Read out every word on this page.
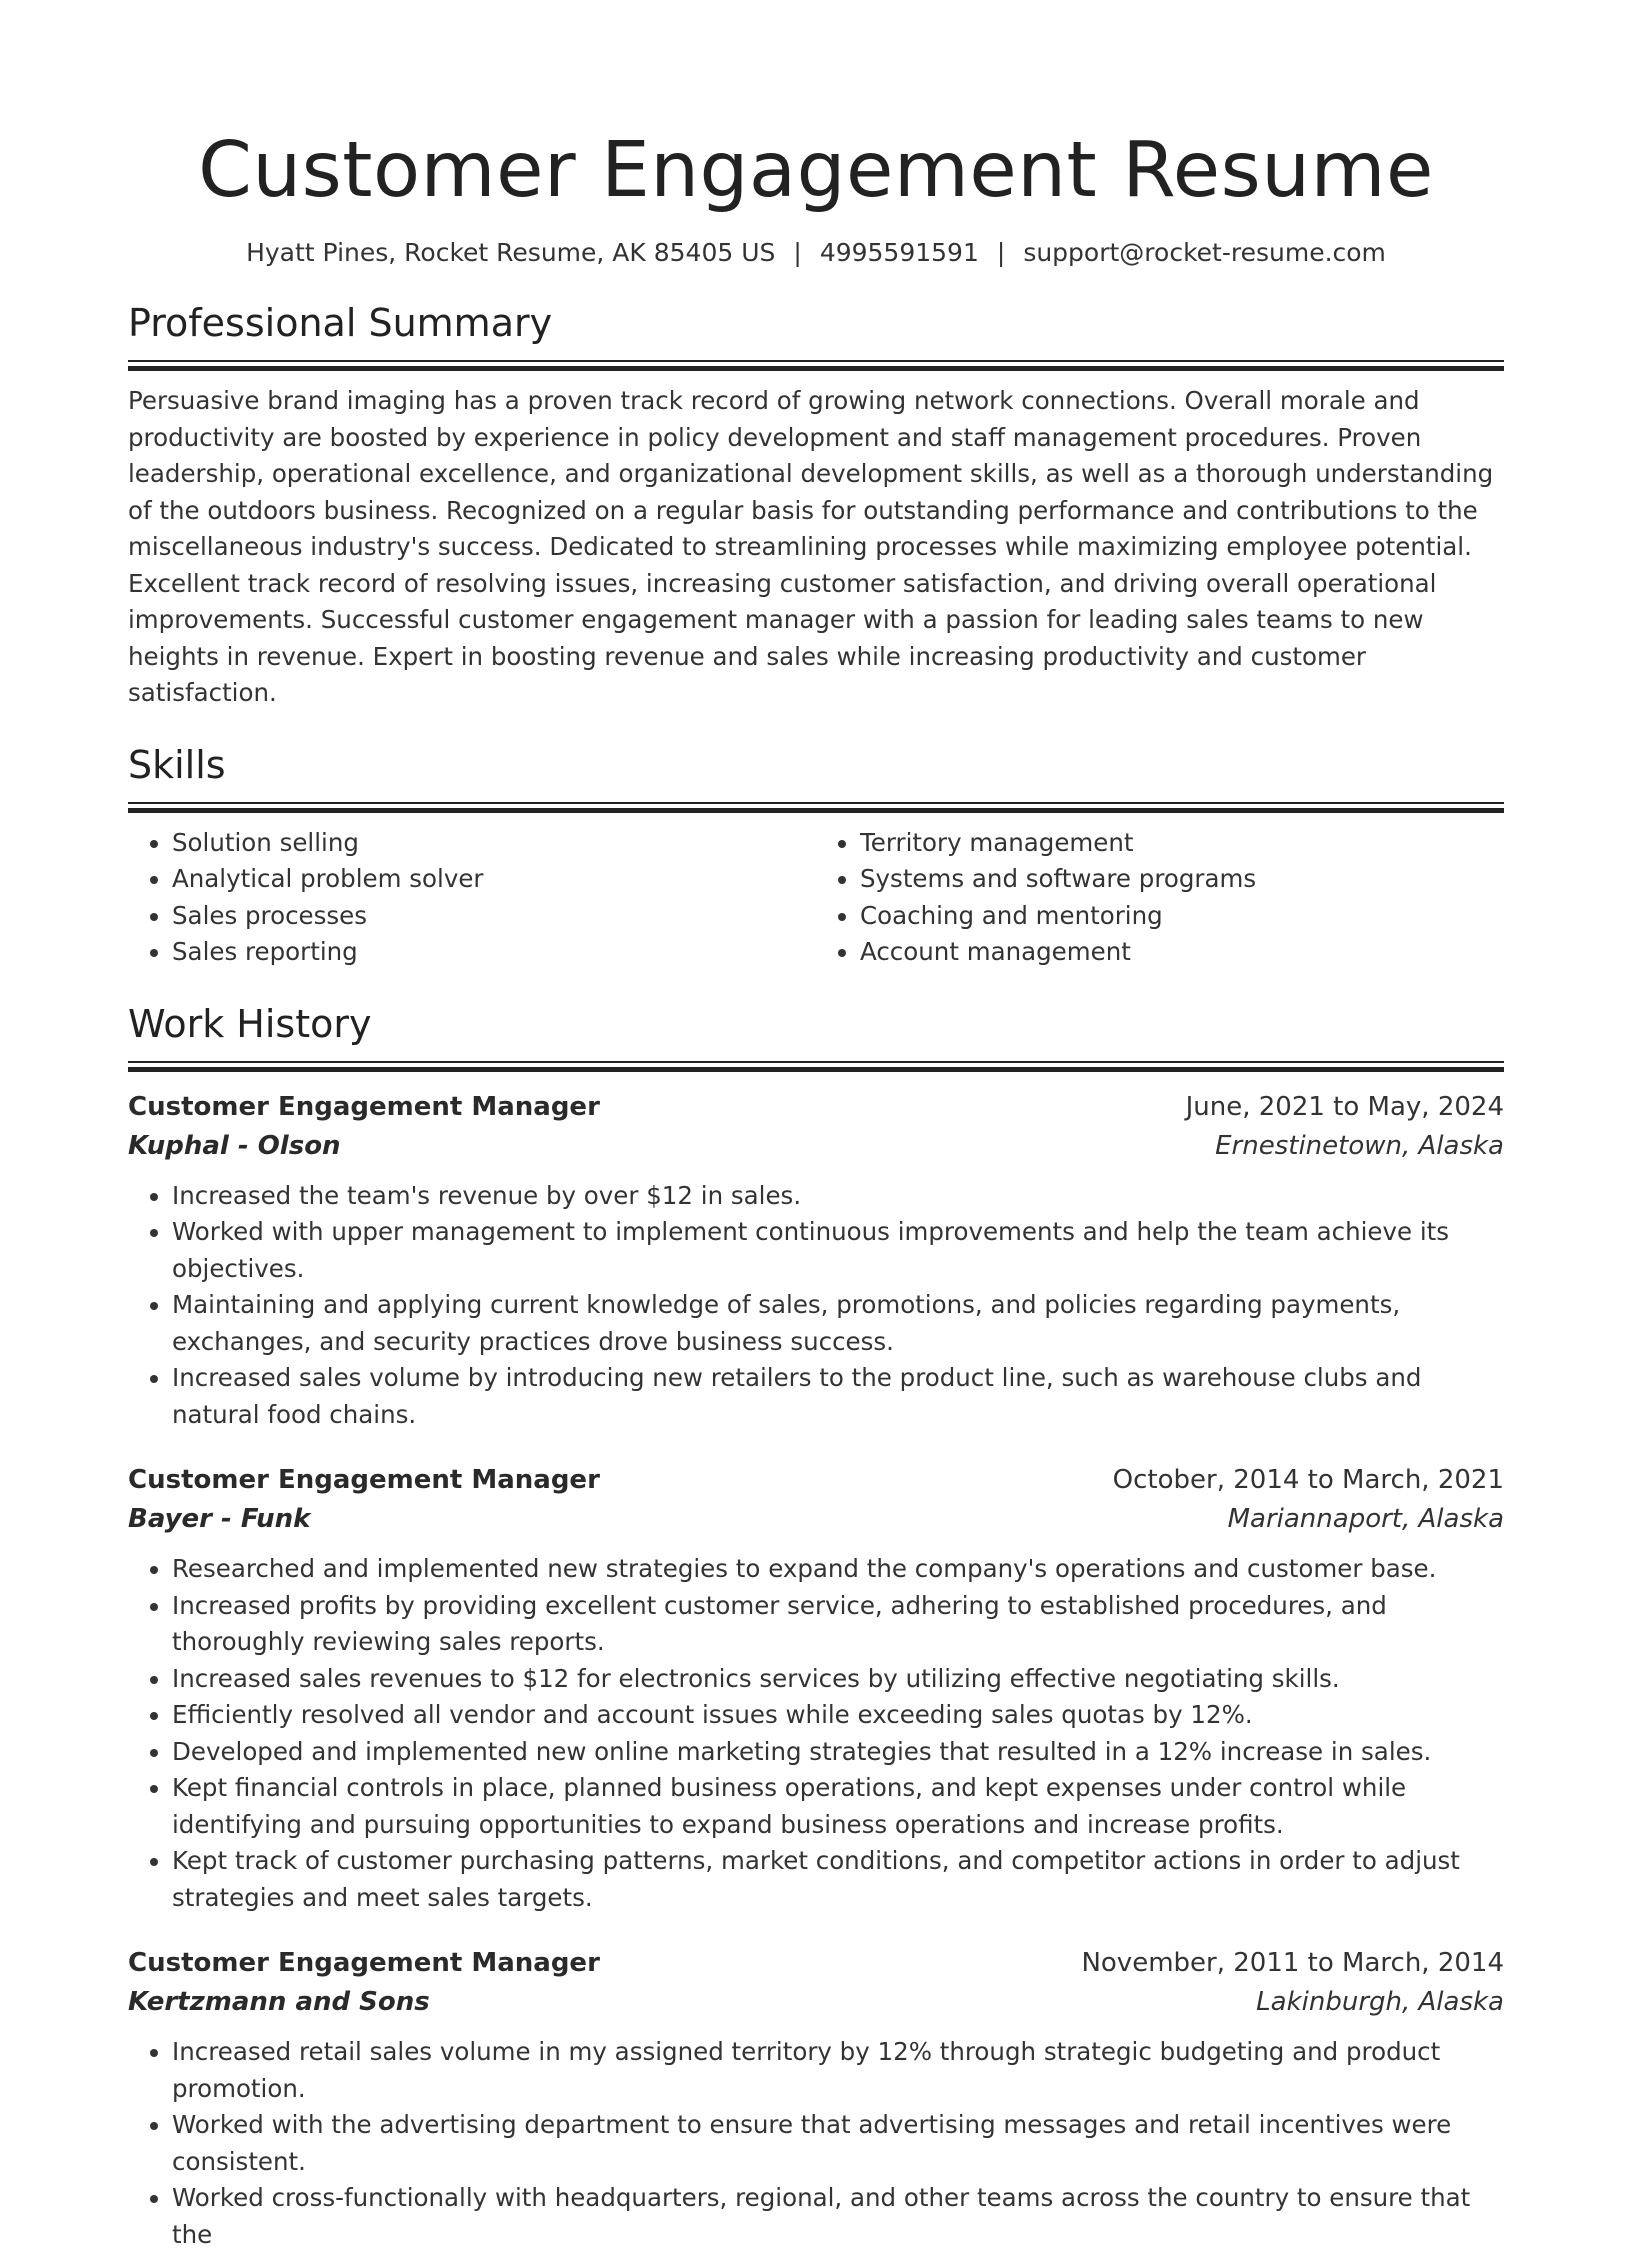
Customer Engagement Resume
Hyatt Pines, Rocket Resume, AK 85405 US | 4995591591 | support@rocket-resume.com
Professional Summary

Persuasive brand imaging has a proven track record of growing network connections. Overall morale and productivity are boosted by experience in policy development and staff management procedures. Proven leadership, operational excellence, and organizational development skills, as well as a thorough understanding of the outdoors business. Recognized on a regular basis for outstanding performance and contributions to the miscellaneous industry's success. Dedicated to streamlining processes while maximizing employee potential. Excellent track record of resolving issues, increasing customer satisfaction, and driving overall operational improvements. Successful customer engagement manager with a passion for leading sales teams to new heights in revenue. Expert in boosting revenue and sales while increasing productivity and customer satisfaction.

Skills
• Solution selling
• Analytical problem solver
• Sales processes
• Sales reporting
• Territory management
• Systems and software programs
• Coaching and mentoring
• Account management
Work History
Customer Engagement Manager	June, 2021 to May, 2024
Kuphal - Olson	Ernestinetown, Alaska
• Increased the team's revenue by over $12 in sales.
• Worked with upper management to implement continuous improvements and help the team achieve its objectives.
• Maintaining and applying current knowledge of sales, promotions, and policies regarding payments, exchanges, and security practices drove business success.
• Increased sales volume by introducing new retailers to the product line, such as warehouse clubs and natural food chains.
Customer Engagement Manager	October, 2014 to March, 2021
Bayer - Funk	Mariannaport, Alaska
• Researched and implemented new strategies to expand the company's operations and customer base.
• Increased profits by providing excellent customer service, adhering to established procedures, and thoroughly reviewing sales reports.
• Increased sales revenues to $12 for electronics services by utilizing effective negotiating skills.
• Efficiently resolved all vendor and account issues while exceeding sales quotas by 12%.
• Developed and implemented new online marketing strategies that resulted in a 12% increase in sales.
• Kept financial controls in place, planned business operations, and kept expenses under control while identifying and pursuing opportunities to expand business operations and increase profits.
• Kept track of customer purchasing patterns, market conditions, and competitor actions in order to adjust strategies and meet sales targets.
Customer Engagement Manager	November, 2011 to March, 2014
Kertzmann and Sons	Lakinburgh, Alaska
• Increased retail sales volume in my assigned territory by 12% through strategic budgeting and product promotion.
• Worked with the advertising department to ensure that advertising messages and retail incentives were consistent.
• Worked cross-functionally with headquarters, regional, and other teams across the country to ensure that the
